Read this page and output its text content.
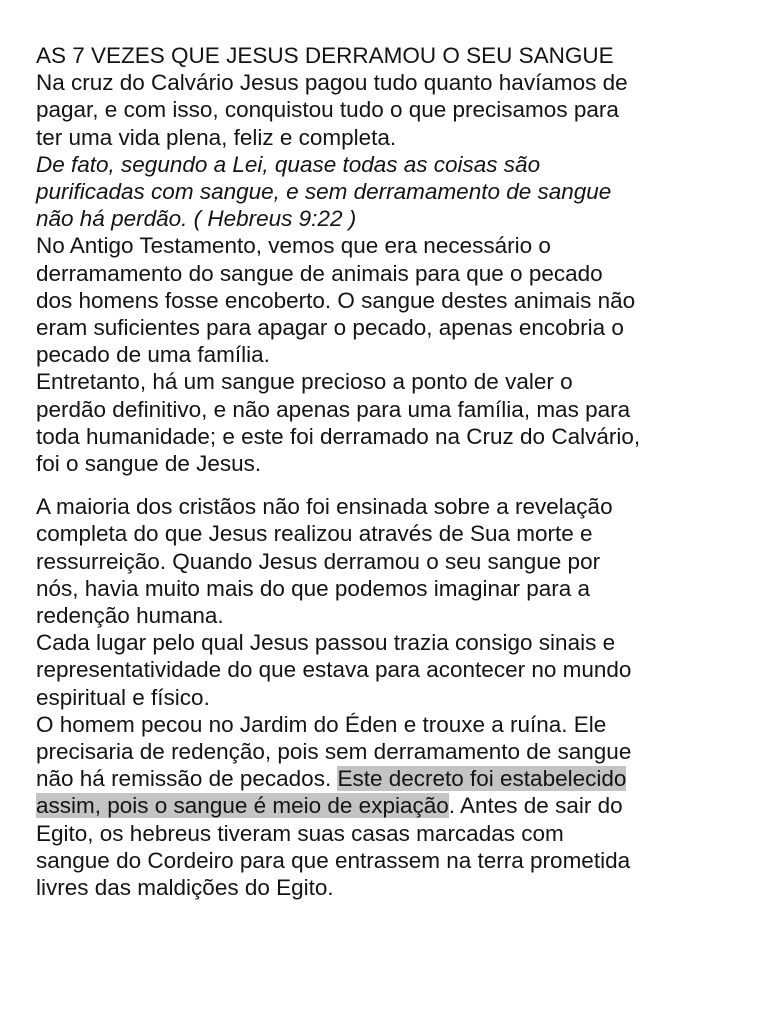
AS 7 VEZES QUE JESUS DERRAMOU O SEU SANGUE

Na cruz do Calvário Jesus pagou tudo quanto havíamos de
pagar, e com isso, conquistou tudo o que precisamos para
ter uma vida plena, feliz e completa.

De fato, segundo a Lei, quase todas as coisas são
purificadas com sangue, e sem derramamento de sangue
não há perdão. ( Hebreus 9:22 )

No Antigo Testamento, vemos que era necessário o
derramamento do sangue de animais para que o pecado
dos homens fosse encoberto. O sangue destes animais não
eram suficientes para apagar o pecado, apenas encobria o
pecado de uma família.

Entretanto, há um sangue precioso a ponto de valer o
perdão definitivo, e não apenas para uma família, mas para
toda humanidade; e este foi derramado na Cruz do Calvário,
foi o sangue de Jesus.

A maioria dos cristãos não foi ensinada sobre a revelação
completa do que Jesus realizou através de Sua morte e
ressurreição. Quando Jesus derramou o seu sangue por
nós, havia muito mais do que podemos imaginar para a
redenção humana.

Cada lugar pelo qual Jesus passou trazia consigo sinais e
representatividade do que estava para acontecer no mundo
espiritual e físico.

O homem pecou no Jardim do Éden e trouxe a ruína. Ele
precisaria de redenção, pois sem derramamento de sangue
não há remissão de pecados. Este decreto foi estabelecido
assim, pois o sangue é meio de expiação. Antes de sair do
Egito, os hebreus tiveram suas casas marcadas com
sangue do Cordeiro para que entrassem na terra prometida
livres das maldições do Egito.
